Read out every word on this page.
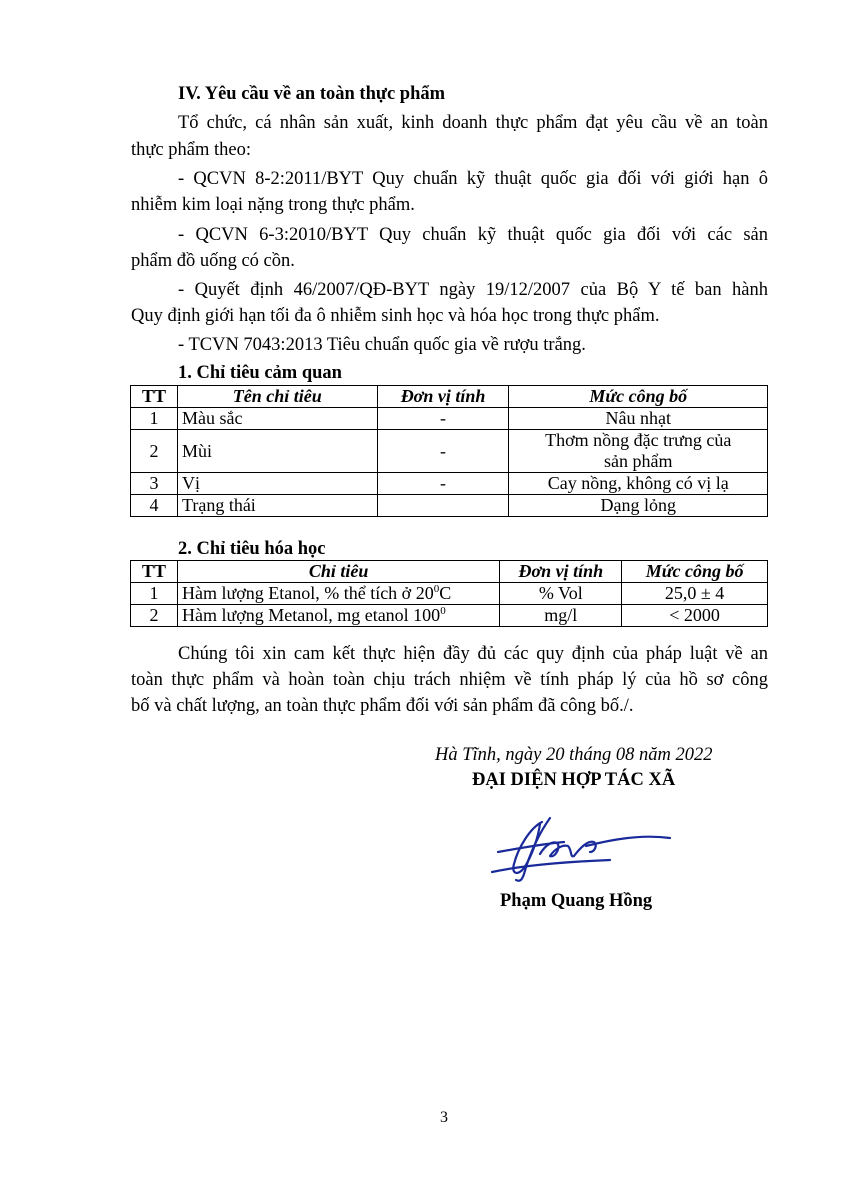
IV. Yêu cầu về an toàn thực phẩm
Tổ chức, cá nhân sản xuất, kinh doanh thực phẩm đạt yêu cầu về an toàn
thực phẩm theo:
- QCVN 8-2:2011/BYT Quy chuẩn kỹ thuật quốc gia đối với giới hạn ô
nhiễm kim loại nặng trong thực phẩm.
- QCVN 6-3:2010/BYT Quy chuẩn kỹ thuật quốc gia đối với các sản
phẩm đồ uống có cồn.
- Quyết định 46/2007/QĐ-BYT ngày 19/12/2007 của Bộ Y tế ban hành
Quy định giới hạn tối đa ô nhiễm sinh học và hóa học trong thực phẩm.
- TCVN 7043:2013 Tiêu chuẩn quốc gia về rượu trắng.
1. Chỉ tiêu cảm quan
TT	Tên chỉ tiêu	Đơn vị tính	Mức công bố
1	Màu sắc	-	Nâu nhạt
2	Mùi	-	Thơm nồng đặc trưng của
sản phẩm

3	Vị	-	Cay nồng, không có vị lạ
4	Trạng thái		Dạng lỏng
2. Chỉ tiêu hóa học
TT	Chỉ tiêu	Đơn vị tính	Mức công bố
1	Hàm lượng Etanol, % thể tích ở $20^0C$	% Vol	25,0 ± 4
2	Hàm lượng Metanol, mg etanol $100^0$	mg/l	< 2000
Chúng tôi xin cam kết thực hiện đầy đủ các quy định của pháp luật về an
toàn thực phẩm và hoàn toàn chịu trách nhiệm về tính pháp lý của hồ sơ công
bố và chất lượng, an toàn thực phẩm đối với sản phẩm đã công bố./.
Hà Tĩnh, ngày 20 tháng 08 năm 2022
ĐẠI DIỆN HỢP TÁC XÃ
Phạm Quang Hồng
3
